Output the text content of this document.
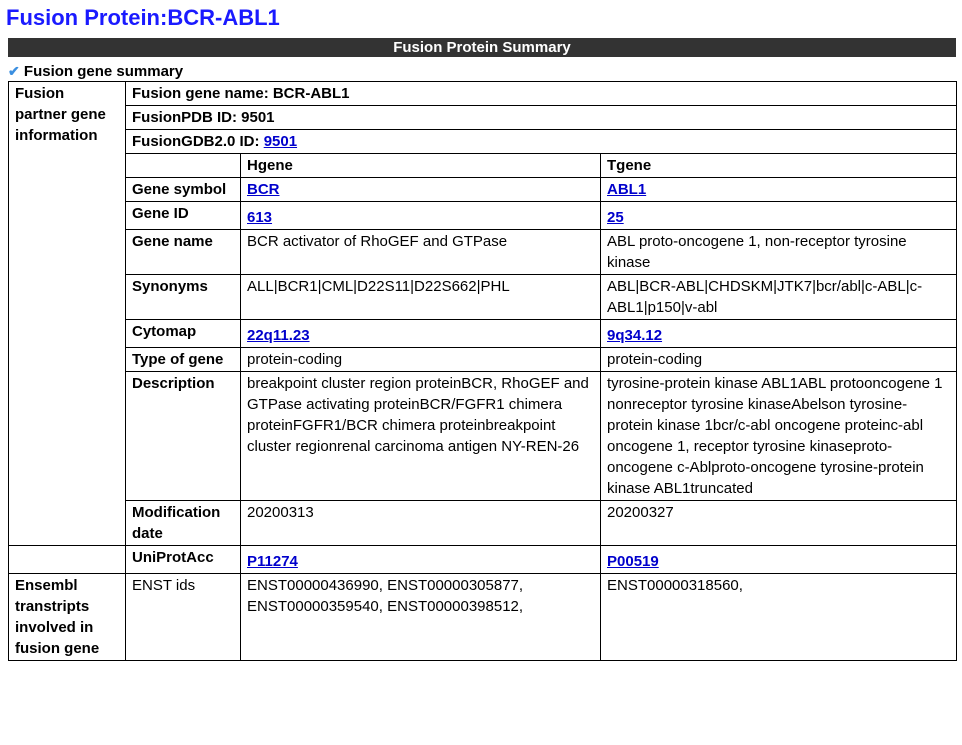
Fusion Protein:BCR-ABL1
Fusion Protein Summary
✔ Fusion gene summary
Fusion partner gene information	Fusion gene name: BCR-ABL1		
	FusionPDB ID: 9501		
	FusionGDB2.0 ID: 9501		
		Hgene	Tgene
	Gene symbol	BCR	ABL1
	Gene ID	613	25

	Gene name	BCR activator of RhoGEF and GTPase	ABL proto-oncogene 1, non-receptor tyrosine kinase
	Synonyms	ALL|BCR1|CML|D22S11|D22S662|PHL	ABL|BCR-ABL|CHDSKM|JTK7|bcr/abl|c-ABL|c-ABL1|p150|v-abl
	Cytomap	22q11.23	9q34.12

	Type of gene	protein-coding	protein-coding
	Description	breakpoint cluster region proteinBCR, RhoGEF and GTPase activating proteinBCR/FGFR1 chimera proteinFGFR1/BCR chimera proteinbreakpoint cluster regionrenal carcinoma antigen NY-REN-26	tyrosine-protein kinase ABL1ABL protooncogene 1 nonreceptor tyrosine kinaseAbelson tyrosine-protein kinase 1bcr/c-abl oncogene proteinc-abl oncogene 1, receptor tyrosine kinaseproto-oncogene c-Ablproto-oncogene tyrosine-protein kinase ABL1truncated
	Modification date	20200313	20200327
	UniProtAcc	P11274	P00519

Ensembl transtripts involved in fusion gene	ENST ids	ENST00000436990, ENST00000305877, ENST00000359540, ENST00000398512,	ENST00000318560,
